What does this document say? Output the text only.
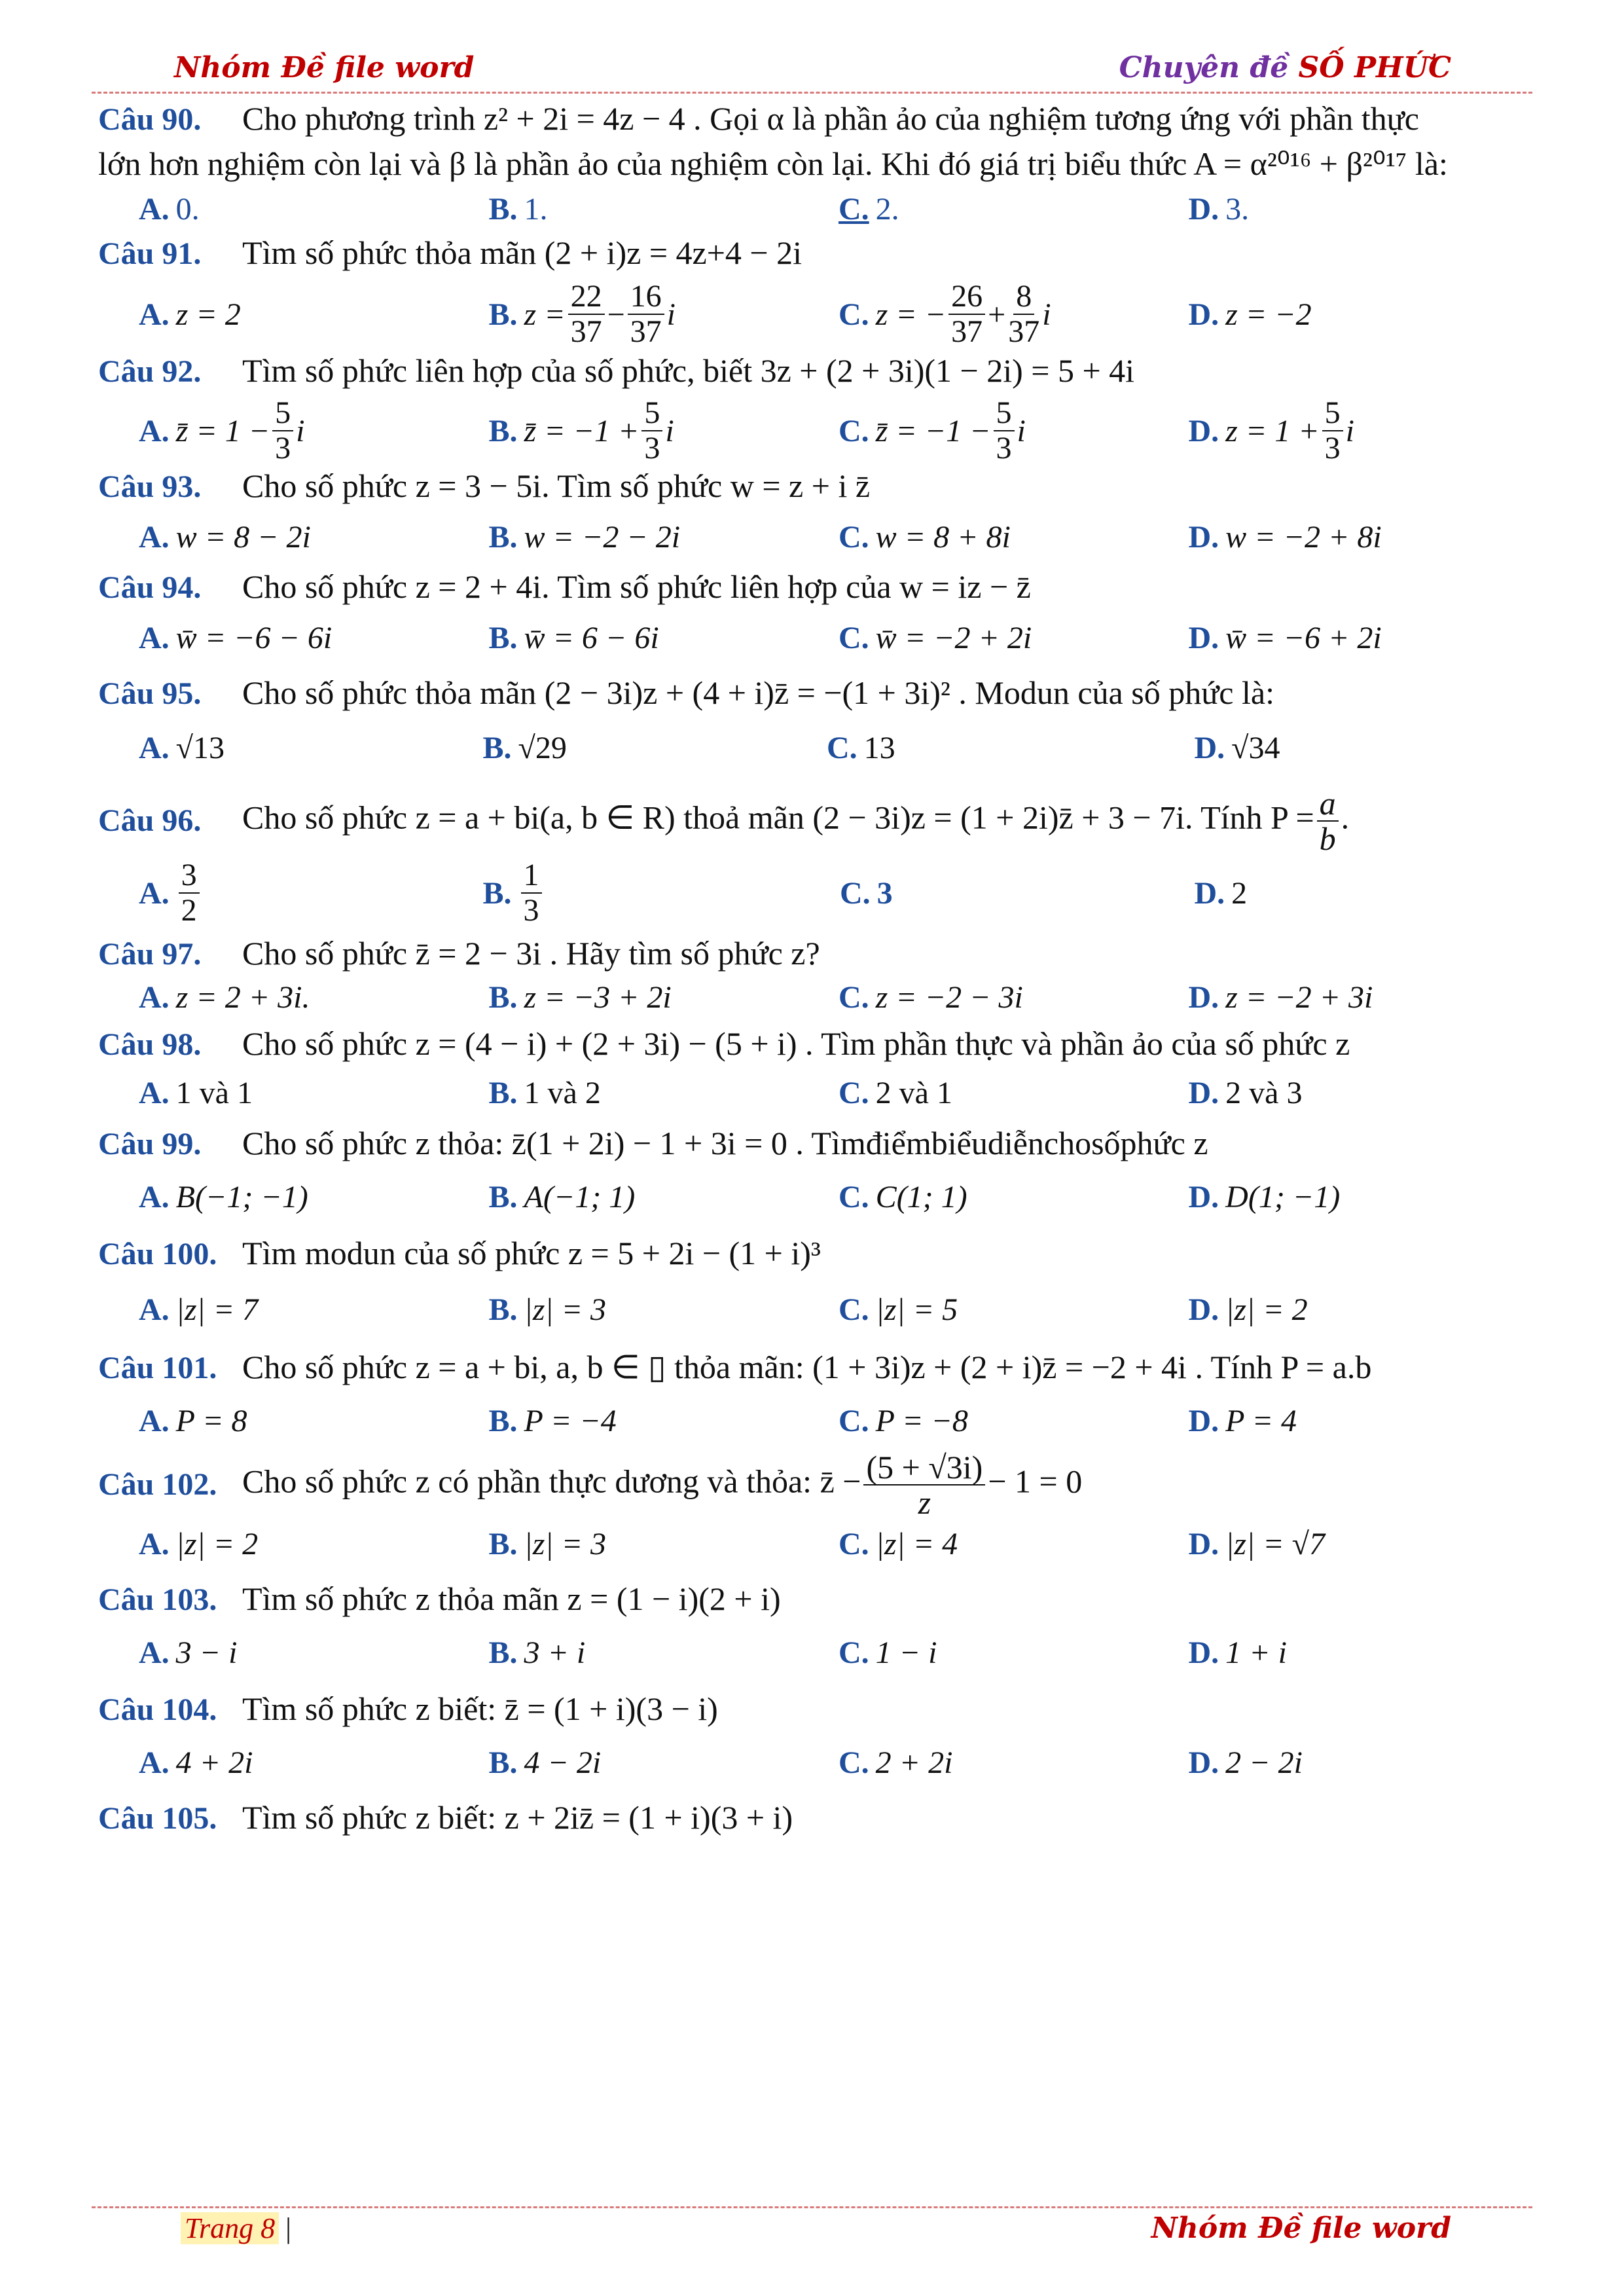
Nhóm Đề file word	Chuyên đề SỐ PHỨC
Câu 90.	Cho phương trình z² + 2i = 4z − 4 . Gọi α là phần ảo của nghiệm tương ứng với phần thực
lớn hơn nghiệm còn lại và β là phần ảo của nghiệm còn lại. Khi đó giá trị biểu thức A = α²⁰¹⁶ + β²⁰¹⁷ là:
A. 0.	B. 1.	C. 2.	D. 3.
Câu 91.	Tìm số phức thỏa mãn (2 + i)z = 4z+4 − 2i
A. z = 2	B. $z = \frac{22}{37} - \frac{16}{37}$ i	C. z = − $\frac{26}{37} + \frac{8}{37}$ i	D. z = −2
Câu 92.	Tìm số phức liên hợp của số phức, biết 3z + (2 + 3i)(1 − 2i) = 5 + 4i
A. z̄ = $1 - \frac{5}{3}$ i	B. z̄ = $-1 + \frac{5}{3}$ i	C. z̄ = $-1 - \frac{5}{3}$ i	D. $z = 1 + \frac{5}{3}$ i
Câu 93.	Cho số phức z = 3 − 5i. Tìm số phức w = z + i z̄
A. w = 8 − 2i	B. w = −2 − 2i	C. w = 8 + 8i	D. w = −2 + 8i
Câu 94.	Cho số phức z = 2 + 4i. Tìm số phức liên hợp của w = iz − z̄
A. w̄ = −6 − 6i	B. w̄ = 6 − 6i	C. w̄ = −2 + 2i	D. w̄ = −6 + 2i
Câu 95.	Cho số phức thỏa mãn (2 − 3i)z + (4 + i)z̄ = −(1 + 3i)² . Modun của số phức là:
A. √13	B. √29	C. 13	D. √34
Câu 96.	Cho số phức z = a + bi(a, b ∈ R) thoả mãn (2 − 3i)z = (1 + 2i)z̄ + 3 − 7i. Tính $P = \frac{a}{b}$ .
A. $\frac{3}{2}$	B. $\frac{1}{3}$	C. 3	D. 2
Câu 97.	Cho số phức z̄ = 2 − 3i . Hãy tìm số phức z?
A. z = 2 + 3i.	B. z = −3 + 2i	C. z = −2 − 3i	D. z = −2 + 3i
Câu 98.	Cho số phức z = (4 − i) + (2 + 3i) − (5 + i) . Tìm phần thực và phần ảo của số phức z
A. 1 và 1	B. 1 và 2	C. 2 và 1	D. 2 và 3
Câu 99.	Cho số phức z thỏa: z̄(1 + 2i) − 1 + 3i = 0 . Tìmđiểmbiểudiễnchosốphức z
A. B(−1; −1)	B. A(−1; 1)	C. C(1; 1)	D. D(1; −1)
Câu 100. Tìm modun của số phức z = 5 + 2i − (1 + i)³
A. |z| = 7	B. |z| = 3	C. |z| = 5	D. |z| = 2
Câu 101. Cho số phức z = a + bi, a, b ∈ ▯ thỏa mãn: (1 + 3i)z + (2 + i)z̄ = −2 + 4i . Tính P = a.b
A. P = 8	B. P = −4	C. P = −8	D. P = 4
Câu 102. Cho số phức z có phần thực dương và thỏa: z̄ − $\frac{(5 + √3i)}{z} - 1 = 0$
A. |z| = 2	B. |z| = 3	C. |z| = 4	D. |z| = √7
Câu 103. Tìm số phức z thỏa mãn z = (1 − i)(2 + i)
A. 3 − i	B. 3 + i	C. 1 − i	D. 1 + i
Câu 104. Tìm số phức z biết: z̄ = (1 + i)(3 − i)
A. 4 + 2i	B. 4 − 2i	C. 2 + 2i	D. 2 − 2i
Câu 105. Tìm số phức z biết: z + 2iz̄ = (1 + i)(3 + i)
Trang 8 |	Nhóm Đề file word
